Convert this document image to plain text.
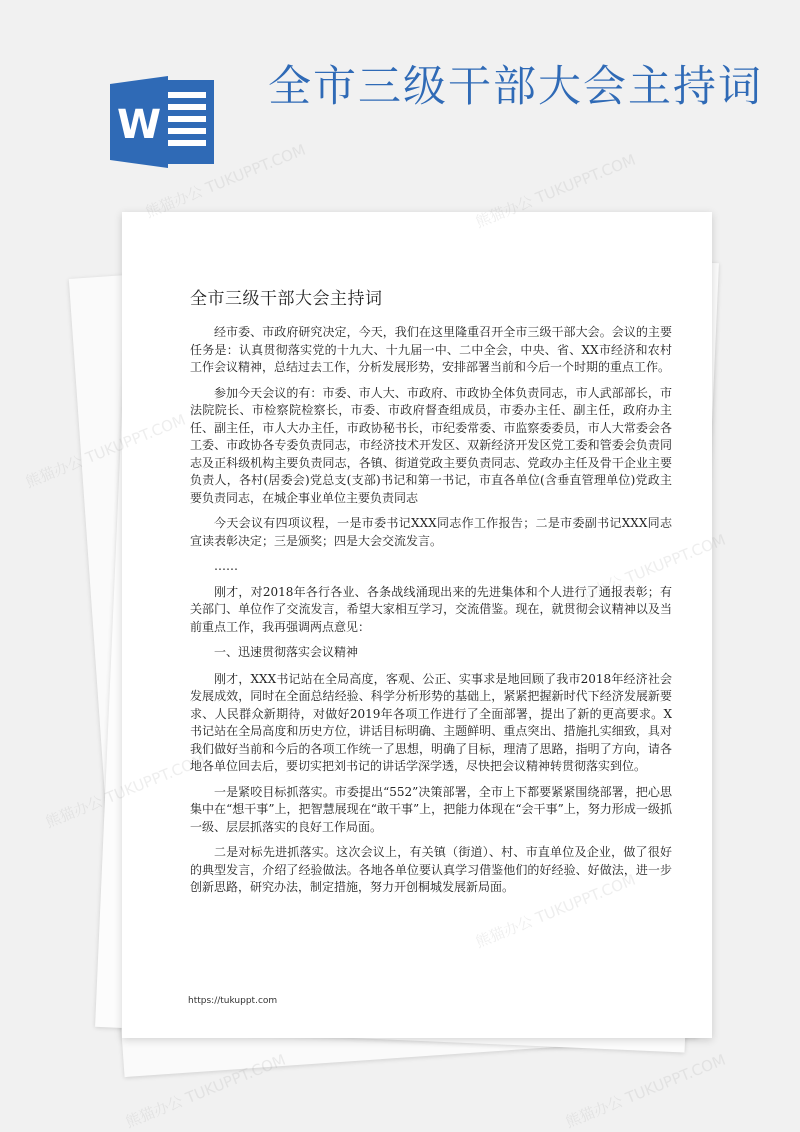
W
全市三级干部大会主持词
全市三级干部大会主持词

经市委、市政府研究决定，今天，我们在这里隆重召开全市三级干部大会。会议的主要任务是：认真贯彻落实党的十九大、十九届一中、二中全会，中央、省、XX市经济和农村工作会议精神，总结过去工作，分析发展形势，安排部署当前和今后一个时期的重点工作。

参加今天会议的有：市委、市人大、市政府、市政协全体负责同志，市人武部部长，市法院院长、市检察院检察长，市委、市政府督查组成员，市委办主任、副主任，政府办主任、副主任，市人大办主任，市政协秘书长，市纪委常委、市监察委委员，市人大常委会各工委、市政协各专委负责同志，市经济技术开发区、双新经济开发区党工委和管委会负责同志及正科级机构主要负责同志，各镇、街道党政主要负责同志、党政办主任及骨干企业主要负责人，各村(居委会)党总支(支部)书记和第一书记，市直各单位(含垂直管理单位)党政主要负责同志，在城企事业单位主要负责同志

今天会议有四项议程，一是市委书记XXX同志作工作报告；二是市委副书记XXX同志宣读表彰决定；三是颁奖；四是大会交流发言。

……

刚才，对2018年各行各业、各条战线涌现出来的先进集体和个人进行了通报表彰；有关部门、单位作了交流发言，希望大家相互学习，交流借鉴。现在，就贯彻会议精神以及当前重点工作，我再强调两点意见：

一、迅速贯彻落实会议精神

刚才，XXX书记站在全局高度，客观、公正、实事求是地回顾了我市2018年经济社会发展成效，同时在全面总结经验、科学分析形势的基础上，紧紧把握新时代下经济发展新要求、人民群众新期待，对做好2019年各项工作进行了全面部署，提出了新的更高要求。X书记站在全局高度和历史方位，讲话目标明确、主题鲜明、重点突出、措施扎实细致，具对我们做好当前和今后的各项工作统一了思想，明确了目标，理清了思路，指明了方向，请各地各单位回去后，要切实把刘书记的讲话学深学透，尽快把会议精神转贯彻落实到位。

一是紧咬目标抓落实。市委提出“552”决策部署，全市上下都要紧紧围绕部署，把心思集中在“想干事”上，把智慧展现在“敢干事”上，把能力体现在“会干事”上，努力形成一级抓一级、层层抓落实的良好工作局面。

二是对标先进抓落实。这次会议上，有关镇（街道）、村、市直单位及企业，做了很好的典型发言，介绍了经验做法。各地各单位要认真学习借鉴他们的好经验、好做法，进一步创新思路，研究办法，制定措施，努力开创桐城发展新局面。

https://tukuppt.com
熊猫办公 TUKUPPT.COM	熊猫办公 TUKUPPT.COM
熊猫办公
熊猫办公
熊猫办公 TUKUPPT.COM	熊猫办公 TUKUPPT.COM
